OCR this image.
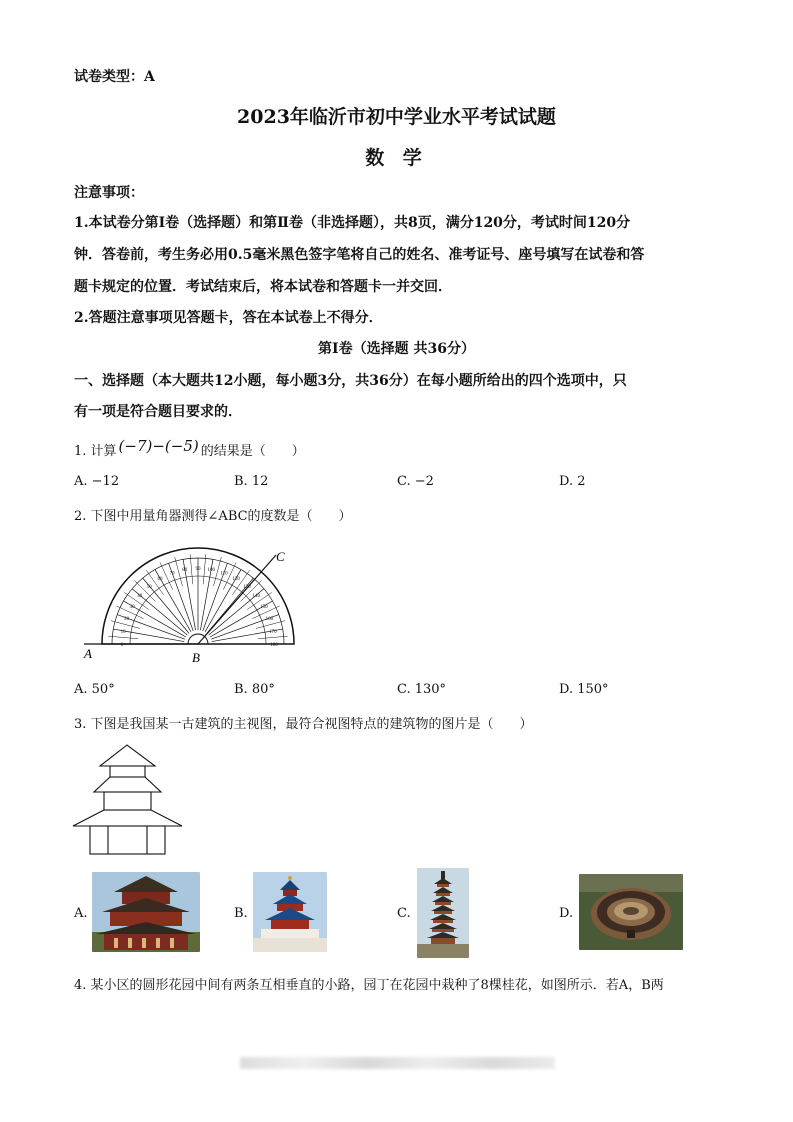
试卷类型：A
2023年临沂市初中学业水平考试试题
数 学
注意事项：
1.本试卷分第Ⅰ卷（选择题）和第Ⅱ卷（非选择题），共8页，满分120分，考试时间120分
钟．答卷前，考生务必用0.5毫米黑色签字笔将自己的姓名、准考证号、座号填写在试卷和答
题卡规定的位置．考试结束后，将本试卷和答题卡一并交回．
2.答题注意事项见答题卡，答在本试卷上不得分．
第Ⅰ卷（选择题 共36分）
一、选择题（本大题共12小题，每小题3分，共36分）在每小题所给出的四个选项中，只
有一项是符合题目要求的．
1. 计算 (−7)−(−5) 的结果是（　　）
A. −12	B. 12	C. −2	D. 2
2. 下图中用量角器测得∠ABC的度数是（　　）
180
170
160
150
140
130
120
110
100
90
80
70
60
50
40
30
20
10
0
A	B
C
A. 50°	B. 80°	C. 130°	D. 150°
3. 下图是我国某一古建筑的主视图，最符合视图特点的建筑物的图片是（　　）
A.	B.	C.	D.
4. 某小区的圆形花园中间有两条互相垂直的小路，园丁在花园中栽种了8棵桂花，如图所示．若A，B两
